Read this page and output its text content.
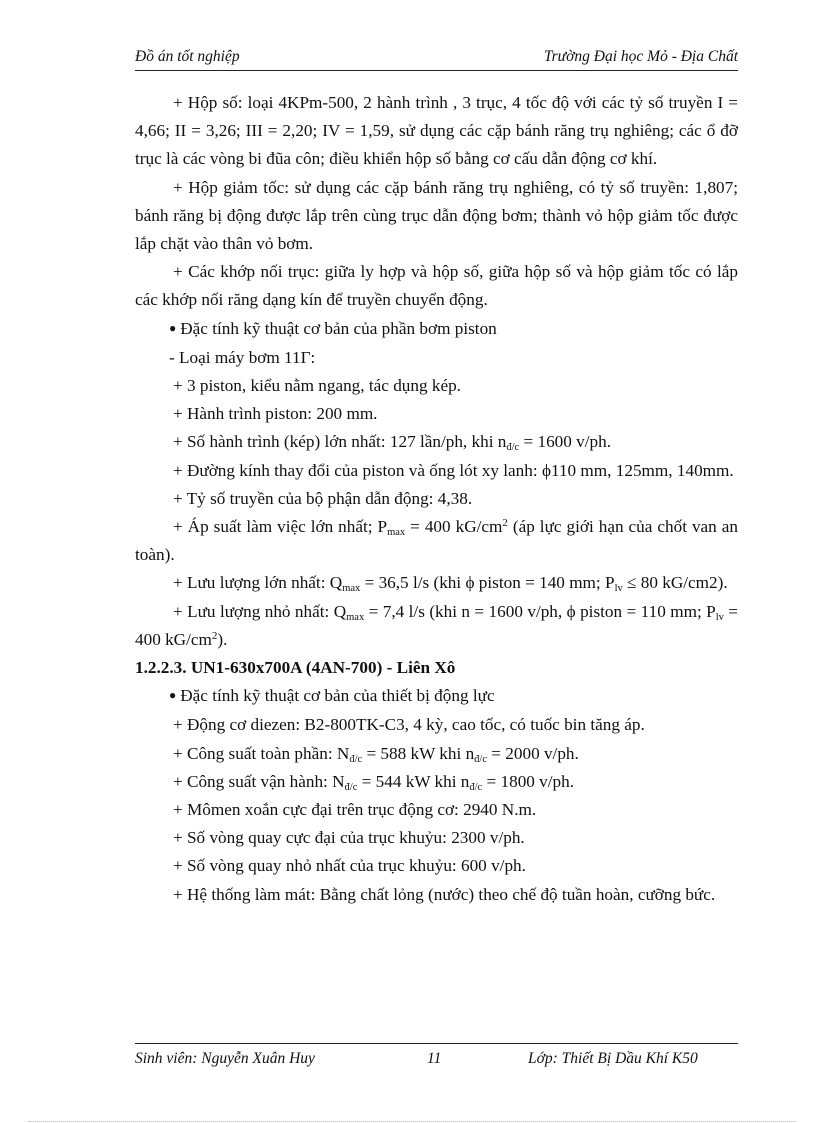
Đồ án tốt nghiệp	Trường Đại học Mỏ - Địa Chất

+ Hộp số: loại 4KPm-500, 2 hành trình , 3 trục, 4 tốc độ với các tỷ số truyền I = 4,66; II = 3,26; III = 2,20; IV = 1,59, sử dụng các cặp bánh răng trụ nghiêng; các ổ đỡ trục là các vòng bi đũa côn; điều khiển hộp số bằng cơ cấu dẫn động cơ khí.

+ Hộp giảm tốc: sử dụng các cặp bánh răng trụ nghiêng, có tỷ số truyền: 1,807; bánh răng bị động được lắp trên cùng trục dẫn động bơm; thành vỏ hộp giảm tốc được lắp chặt vào thân vỏ bơm.

+ Các khớp nối trục: giữa ly hợp và hộp số, giữa hộp số và hộp giảm tốc có lắp các khớp nối răng dạng kín để truyền chuyển động.

● Đặc tính kỹ thuật cơ bản của phần bơm piston

- Loại máy bơm 11Г:

+ 3 piston, kiểu nằm ngang, tác dụng kép.

+ Hành trình piston: 200 mm.

+ Số hành trình (kép) lớn nhất: 127 lần/ph, khi $n_{đ/c} = 1600$ v/ph.

+ Đường kính thay đổi của piston và ống lót xy lanh: ϕ110 mm, 125mm, 140mm.

+ Tỷ số truyền của bộ phận dẫn động: 4,38.

+ Áp suất làm việc lớn nhất; $P_{max} = 400$ $kG/cm^2$ (áp lực giới hạn của chốt van an toàn).

+ Lưu lượng lớn nhất: $Q_{max} = 36,5$ l/s (khi ϕ piston = 140 mm; $P_{lv} \le 80$ kG/cm2).

+ Lưu lượng nhỏ nhất: $Q_{max} = 7,4$ l/s (khi n = 1600 v/ph, ϕ piston = 110 mm; $P_{lv} = 400$ $kG/cm^2$).

1.2.2.3. UN1-630x700A (4AN-700) - Liên Xô

● Đặc tính kỹ thuật cơ bản của thiết bị động lực

+ Động cơ diezen: B2-800TK-C3, 4 kỳ, cao tốc, có tuốc bin tăng áp.

+ Công suất toàn phần: $N_{đ/c} = 588$ kW khi $n_{đ/c} = 2000$ v/ph.

+ Công suất vận hành: $N_{đ/c} = 544$ kW khi $n_{đ/c} = 1800$ v/ph.

+ Mômen xoắn cực đại trên trục động cơ: 2940 N.m.

+ Số vòng quay cực đại của trục khuỷu: 2300 v/ph.

+ Số vòng quay nhỏ nhất của trục khuỷu: 600 v/ph.

+ Hệ thống làm mát: Bằng chất lỏng (nước) theo chế độ tuần hoàn, cưỡng bức.

Sinh viên: Nguyễn Xuân Huy	11	Lớp: Thiết Bị Dầu Khí K50
